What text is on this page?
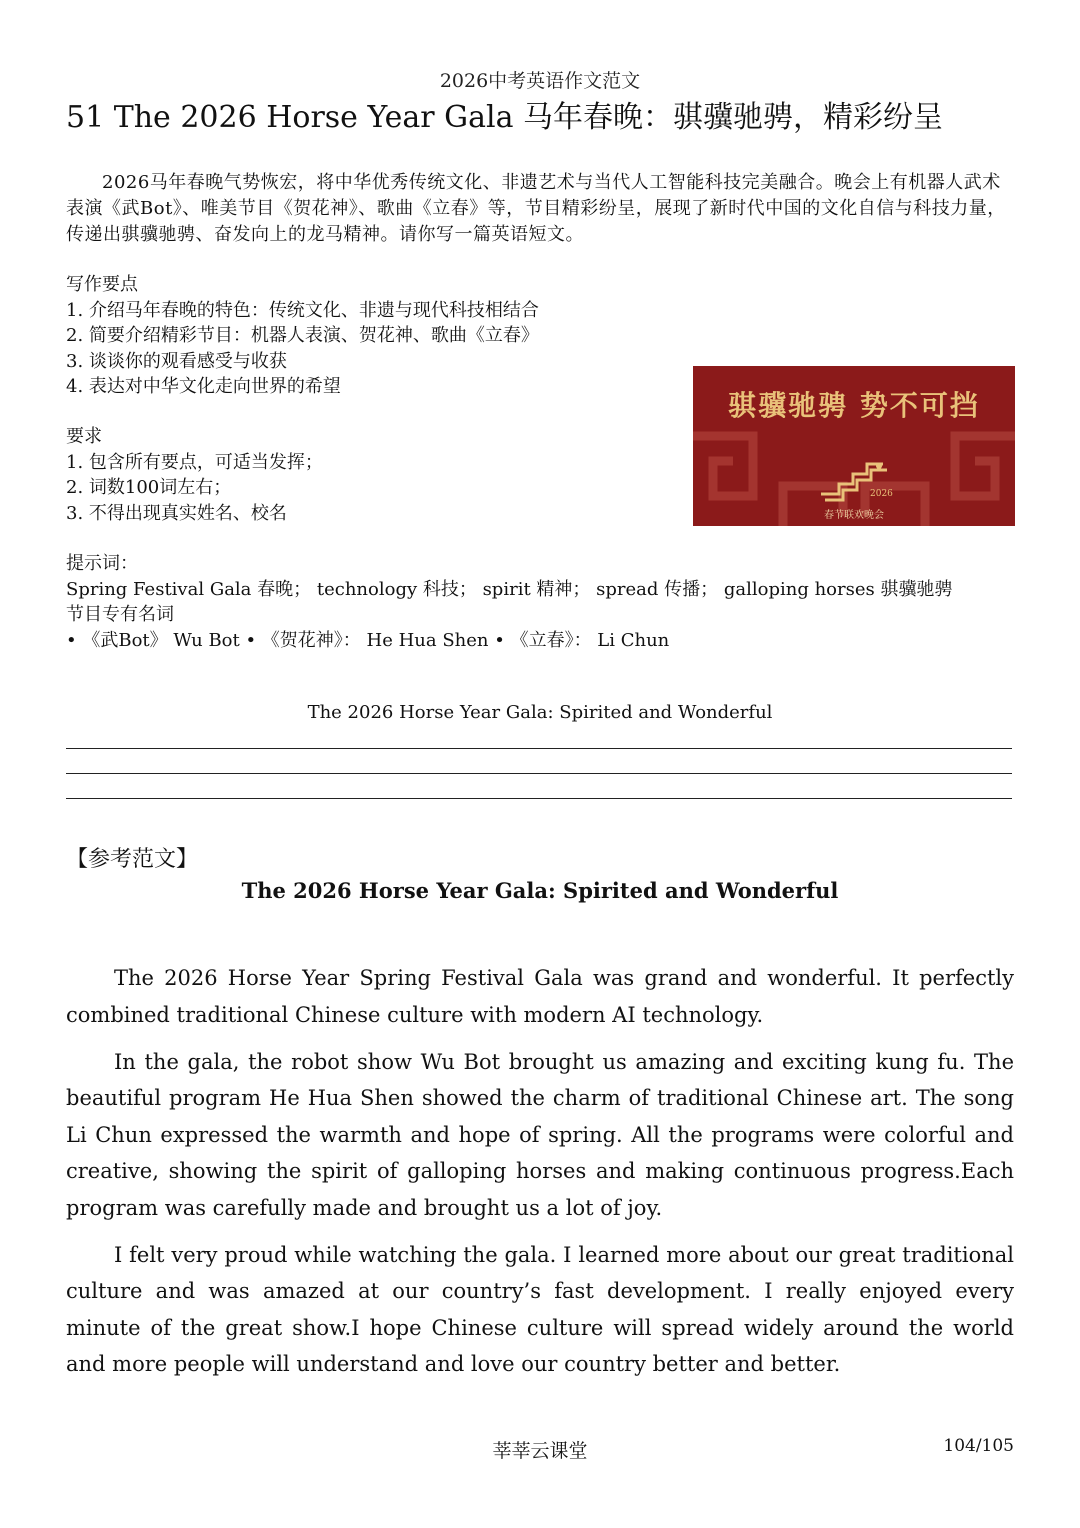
2026中考英语作文范文
51 The 2026 Horse Year Gala 马年春晚：骐骥驰骋，精彩纷呈
2026马年春晚气势恢宏，将中华优秀传统文化、非遗艺术与当代人工智能科技完美融合。晚会上有机器人武术表演《武Bot》、唯美节目《贺花神》、歌曲《立春》等，节目精彩纷呈，展现了新时代中国的文化自信与科技力量，传递出骐骥驰骋、奋发向上的龙马精神。请你写一篇英语短文。
写作要点
1. 介绍马年春晚的特色：传统文化、非遗与现代科技相结合
2. 简要介绍精彩节目：机器人表演、贺花神、歌曲《立春》
3. 谈谈你的观看感受与收获
4. 表达对中华文化走向世界的希望
要求
1. 包含所有要点，可适当发挥；
2. 词数100词左右；
3. 不得出现真实姓名、校名
骐骥驰骋 势不可挡
春节联欢晚会
2026
提示词：
Spring Festival Gala 春晚； technology 科技； spirit 精神； spread 传播； galloping horses 骐骥驰骋
节目专有名词
• 《武Bot》 Wu Bot • 《贺花神》： He Hua Shen • 《立春》： Li Chun
The 2026 Horse Year Gala: Spirited and Wonderful
【参考范文】
The 2026 Horse Year Gala: Spirited and Wonderful

The 2026 Horse Year Spring Festival Gala was grand and wonderful. It perfectly combined traditional Chinese culture with modern AI technology.

In the gala, the robot show Wu Bot brought us amazing and exciting kung fu. The beautiful program He Hua Shen showed the charm of traditional Chinese art. The song Li Chun expressed the warmth and hope of spring. All the programs were colorful and creative, showing the spirit of galloping horses and making continuous progress.Each program was carefully made and brought us a lot of joy.

I felt very proud while watching the gala. I learned more about our great traditional culture and was amazed at our country’s fast development. I really enjoyed every minute of the great show.I hope Chinese culture will spread widely around the world and more people will understand and love our country better and better.

莘莘云课堂	104/105
